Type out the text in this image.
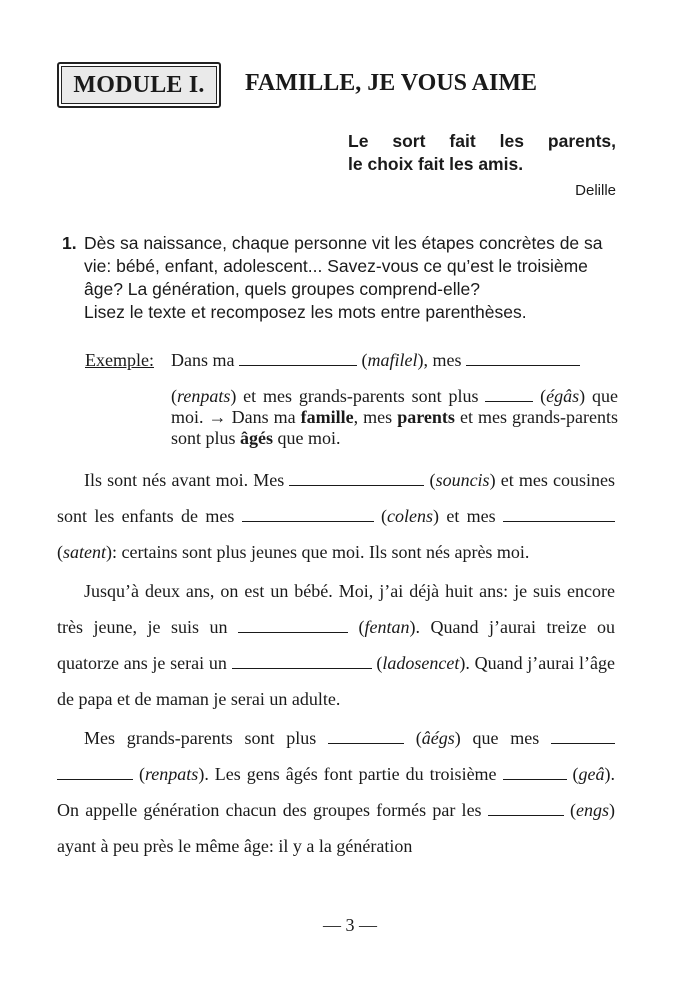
MODULE I.	FAMILLE, JE VOUS AIME
Le sort fait les parents,
le choix fait les amis.
Delille
1. Dès sa naissance, chaque personne vit les étapes concrètes de sa vie: bébé, enfant, adolescent... Savez-vous ce qu’est le troisième âge? La génération, quels groupes comprend-elle?
Lisez le texte et recomposez les mots entre parenthèses.
Exemple: Dans ma	(mafilel), mes
(renpats) et mes grands-parents sont plus	(égâs) que moi. → Dans ma famille, mes parents et mes grands-parents sont plus âgés que moi.

Ils sont nés avant moi. Mes	(souncis) et mes cousines sont les enfants de mes	(colens) et mes  (satent): certains sont plus jeunes que moi. Ils sont nés après moi.

Jusqu’à deux ans, on est un bébé. Moi, j’ai déjà huit ans: je suis encore très jeune, je suis un	(fentan). Quand j’aurai treize ou quatorze ans je serai un	(ladosencet). Quand j’aurai l’âge de papa et de maman je serai un adulte.

Mes grands-parents sont plus	(âégs) que mes   (renpats). Les gens âgés font partie du troisième	(geâ). On appelle génération chacun des groupes formés par les	(engs) ayant à peu près le même âge: il y a la génération

— 3 —
